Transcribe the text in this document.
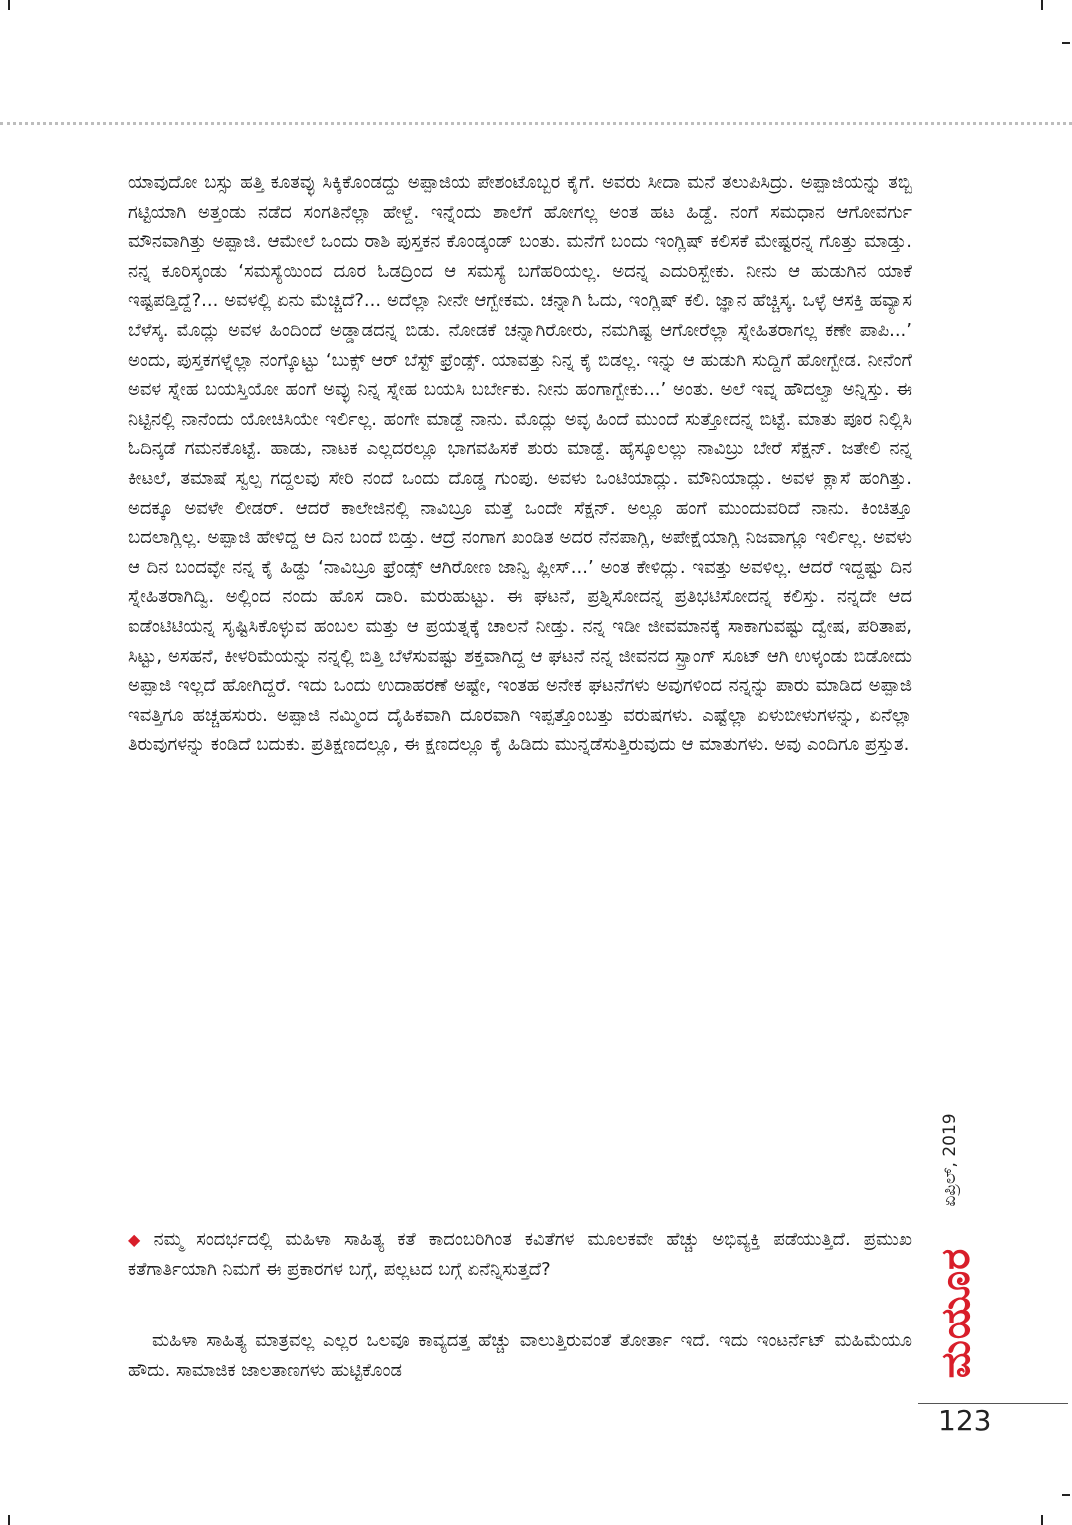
ಯಾವುದೋ ಬಸ್ಸು ಹತ್ತಿ ಕೂತವ್ಳು ಸಿಕ್ಕಿಕೊಂಡದ್ದು ಅಪ್ಪಾಜಿಯ ಪೇಶಂಟೊಬ್ಬರ ಕೈಗೆ. ಅವರು ಸೀದಾ ಮನೆ ತಲುಪಿಸಿದ್ರು. ಅಪ್ಪಾಜಿಯನ್ನು ತಬ್ಬಿ ಗಟ್ಟಿಯಾಗಿ ಅತ್ತಂಡು ನಡೆದ ಸಂಗತಿನೆಲ್ಲಾ ಹೇಳ್ದೆ. ಇನ್ನೆಂದು ಶಾಲೆಗೆ ಹೋಗಲ್ಲ ಅಂತ ಹಟ ಹಿಡ್ದೆ. ನಂಗೆ ಸಮಧಾನ ಆಗೋವರ್ಗು ಮೌನವಾಗಿತ್ತು ಅಪ್ಪಾಜಿ. ಆಮೇಲೆ ಒಂದು ರಾಶಿ ಪುಸ್ತಕನ ಕೊಂಡ್ಕಂಡ್ ಬಂತು. ಮನೆಗೆ ಬಂದು ಇಂಗ್ಲಿಷ್ ಕಲಿಸಕೆ ಮೇಷ್ಟರನ್ನ ಗೊತ್ತು ಮಾಡ್ತು. ನನ್ನ ಕೂರಿಸ್ಕಂಡು ‘ಸಮಸ್ಯೆಯಿಂದ ದೂರ ಓಡದ್ರಿಂದ ಆ ಸಮಸ್ಯೆ ಬಗೆಹರಿಯಲ್ಲ. ಅದನ್ನ ಎದುರಿಸ್ಬೇಕು. ನೀನು ಆ ಹುಡುಗಿನ ಯಾಕೆ ಇಷ್ಟಪಡ್ತಿದ್ದೆ?... ಅವಳಲ್ಲಿ ಏನು ಮೆಚ್ಚಿದೆ?... ಅದೆಲ್ಲಾ ನೀನೇ ಆಗ್ಬೇಕಮ. ಚನ್ನಾಗಿ ಓದು, ಇಂಗ್ಲಿಷ್ ಕಲಿ. ಜ್ಞಾನ ಹೆಚ್ಚಿಸ್ಕ. ಒಳ್ಳೆ ಆಸಕ್ತಿ ಹವ್ಯಾಸ ಬೆಳೆಸ್ಕ. ಮೊದ್ಲು ಅವಳ ಹಿಂದಿಂದೆ ಅಡ್ಡಾಡದನ್ನ ಬಿಡು. ನೋಡಕೆ ಚನ್ನಾಗಿರೋರು, ನಮಗಿಷ್ಟ ಆಗೋರೆಲ್ಲಾ ಸ್ನೇಹಿತರಾಗಲ್ಲ ಕಣೇ ಪಾಪಿ...’ ಅಂದು, ಪುಸ್ತಕಗಳ್ನೆಲ್ಲಾ ನಂಗ್ಕೊಟ್ಟು ‘ಬುಕ್ಸ್ ಆರ್ ಬೆಸ್ಟ್ ಫ್ರೆಂಡ್ಸ್. ಯಾವತ್ತು ನಿನ್ನ ಕೈ ಬಿಡಲ್ಲ. ಇನ್ನು ಆ ಹುಡುಗಿ ಸುದ್ದಿಗೆ ಹೋಗ್ಬೇಡ. ನೀನೆಂಗೆ ಅವಳ ಸ್ನೇಹ ಬಯಸ್ತಿಯೋ ಹಂಗೆ ಅವ್ಳು ನಿನ್ನ ಸ್ನೇಹ ಬಯಸಿ ಬರ್ಬೇಕು. ನೀನು ಹಂಗಾಗ್ಬೇಕು...’ ಅಂತು. ಅಲೆ ಇವ್ನ ಹೌದಲ್ವಾ ಅನ್ನಿಸ್ತು. ಈ ನಿಟ್ಟಿನಲ್ಲಿ ನಾನೆಂದು ಯೋಚಿಸಿಯೇ ಇರ್ಲಿಲ್ಲ. ಹಂಗೇ ಮಾಡ್ದೆ ನಾನು. ಮೊದ್ಲು ಅವ್ಳ ಹಿಂದೆ ಮುಂದೆ ಸುತ್ತೋದನ್ನ ಬಿಟ್ಟೆ. ಮಾತು ಪೂರ ನಿಲ್ಲಿಸಿ ಓದಿನ್ಕಡೆ ಗಮನಕೊಟ್ಟೆ. ಹಾಡು, ನಾಟಕ ಎಲ್ಲದರಲ್ಲೂ ಭಾಗವಹಿಸಕೆ ಶುರು ಮಾಡ್ದೆ. ಹೈಸ್ಕೂಲಲ್ಲು ನಾವಿಬ್ರು ಬೇರೆ ಸೆಕ್ಷನ್. ಜತೇಲಿ ನನ್ನ ಕೀಟಲೆ, ತಮಾಷೆ ಸ್ವಲ್ಪ ಗದ್ದಲವು ಸೇರಿ ನಂದೆ ಒಂದು ದೊಡ್ಡ ಗುಂಪು. ಅವಳು ಒಂಟಿಯಾದ್ಲು. ಮೌನಿಯಾದ್ಲು. ಅವಳ ಕ್ಲಾಸೆ ಹಂಗಿತ್ತು. ಅದಕ್ಕೂ ಅವಳೇ ಲೀಡರ್. ಆದರೆ ಕಾಲೇಜಿನಲ್ಲಿ ನಾವಿಬ್ರೂ ಮತ್ತೆ ಒಂದೇ ಸೆಕ್ಷನ್. ಅಲ್ಲೂ ಹಂಗೆ ಮುಂದುವರಿದೆ ನಾನು. ಕಿಂಚಿತ್ತೂ ಬದಲಾಗ್ಲಿಲ್ಲ. ಅಪ್ಪಾಜಿ ಹೇಳಿದ್ದ ಆ ದಿನ ಬಂದೆ ಬಿಡ್ತು. ಆದ್ರೆ ನಂಗಾಗ ಖಂಡಿತ ಅದರ ನೆನಪಾಗ್ಲಿ, ಅಪೇಕ್ಷೆಯಾಗ್ಲಿ ನಿಜವಾಗ್ಲೂ ಇರ್ಲಿಲ್ಲ. ಅವಳು ಆ ದಿನ ಬಂದವ್ಳೇ ನನ್ನ ಕೈ ಹಿಡ್ದು ‘ನಾವಿಬ್ರೂ ಫ್ರೆಂಡ್ಸ್ ಆಗಿರೋಣ ಜಾನ್ವಿ ಪ್ಲೀಸ್...’ ಅಂತ ಕೇಳಿದ್ಲು. ಇವತ್ತು ಅವಳಿಲ್ಲ. ಆದರೆ ಇದ್ದಷ್ಟು ದಿನ ಸ್ನೇಹಿತರಾಗಿದ್ವಿ. ಅಲ್ಲಿಂದ ನಂದು ಹೊಸ ದಾರಿ. ಮರುಹುಟ್ಟು. ಈ ಘಟನೆ, ಪ್ರಶ್ನಿಸೋದನ್ನ ಪ್ರತಿಭಟಿಸೋದನ್ನ ಕಲಿಸ್ತು. ನನ್ನದೇ ಆದ ಐಡೆಂಟಿಟಿಯನ್ನ ಸೃಷ್ಟಿಸಿಕೊಳ್ಳುವ ಹಂಬಲ ಮತ್ತು ಆ ಪ್ರಯತ್ನಕ್ಕೆ ಚಾಲನೆ ನೀಡ್ತು. ನನ್ನ ಇಡೀ ಜೀವಮಾನಕ್ಕೆ ಸಾಕಾಗುವಷ್ಟು ದ್ವೇಷ, ಪರಿತಾಪ, ಸಿಟ್ಟು, ಅಸಹನೆ, ಕೀಳರಿಮೆಯನ್ನು ನನ್ನಲ್ಲಿ ಬಿತ್ತಿ ಬೆಳೆಸುವಷ್ಟು ಶಕ್ತವಾಗಿದ್ದ ಆ ಘಟನೆ ನನ್ನ ಜೀವನದ ಸ್ಪ್ರಾಂಗ್ ಸೂಟ್ ಆಗಿ ಉಳ್ಕಂಡು ಬಿಡೋದು ಅಪ್ಪಾಜಿ ಇಲ್ಲದೆ ಹೋಗಿದ್ದರೆ. ಇದು ಒಂದು ಉದಾಹರಣೆ ಅಷ್ಟೇ, ಇಂತಹ ಅನೇಕ ಘಟನೆಗಳು ಅವುಗಳಿಂದ ನನ್ನನ್ನು ಪಾರು ಮಾಡಿದ ಅಪ್ಪಾಜಿ ಇವತ್ತಿಗೂ ಹಚ್ಚಹಸುರು. ಅಪ್ಪಾಜಿ ನಮ್ಮಿಂದ ದೈಹಿಕವಾಗಿ ದೂರವಾಗಿ ಇಪ್ಪತ್ತೊಂಬತ್ತು ವರುಷಗಳು. ಎಷ್ಟೆಲ್ಲಾ ಏಳುಬೀಳುಗಳನ್ನು, ಏನೆಲ್ಲಾ ತಿರುವುಗಳನ್ನು ಕಂಡಿದೆ ಬದುಕು. ಪ್ರತಿಕ್ಷಣದಲ್ಲೂ, ಈ ಕ್ಷಣದಲ್ಲೂ ಕೈ ಹಿಡಿದು ಮುನ್ನಡೆಸುತ್ತಿರುವುದು ಆ ಮಾತುಗಳು. ಅವು ಎಂದಿಗೂ ಪ್ರಸ್ತುತ.

◆ ನಮ್ಮ ಸಂದರ್ಭದಲ್ಲಿ ಮಹಿಳಾ ಸಾಹಿತ್ಯ ಕತೆ ಕಾದಂಬರಿಗಿಂತ ಕವಿತೆಗಳ ಮೂಲಕವೇ ಹೆಚ್ಚು ಅಭಿವ್ಯಕ್ತಿ ಪಡೆಯುತ್ತಿದೆ. ಪ್ರಮುಖ ಕತೆಗಾರ್ತಿಯಾಗಿ ನಿಮಗೆ ಈ ಪ್ರಕಾರಗಳ ಬಗ್ಗೆ, ಪಲ್ಲಟದ ಬಗ್ಗೆ ಏನೆನ್ನಿಸುತ್ತದೆ?
ಮಹಿಳಾ ಸಾಹಿತ್ಯ ಮಾತ್ರವಲ್ಲ ಎಲ್ಲರ ಒಲವೂ ಕಾವ್ಯದತ್ತ ಹೆಚ್ಚು ವಾಲುತ್ತಿರುವಂತೆ ತೋರ್ತಾ ಇದೆ. ಇದು ಇಂಟರ್ನೆಟ್ ಮಹಿಮೆಯೂ ಹೌದು. ಸಾಮಾಜಿಕ ಜಾಲತಾಣಗಳು ಹುಟ್ಟಿಕೊಂಡ
ಏಪ್ರಿಲ್, 2019
ಮಯೂರ
123
